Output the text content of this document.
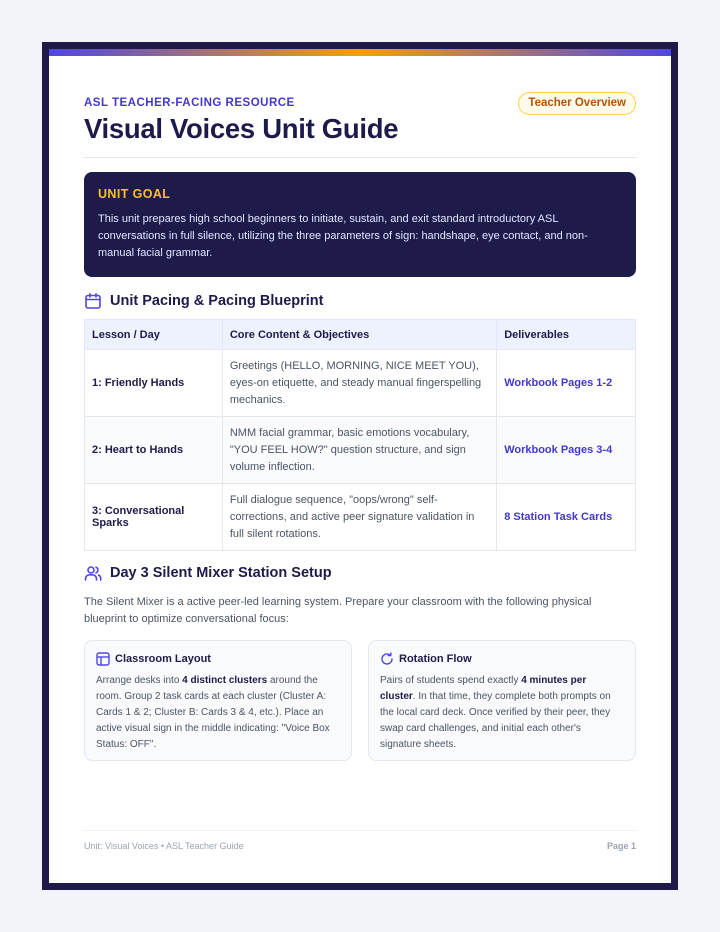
ASL TEACHER-FACING RESOURCE	Teacher Overview
Visual Voices Unit Guide
UNIT GOAL
This unit prepares high school beginners to initiate, sustain, and exit standard introductory ASL conversations in full silence, utilizing the three parameters of sign: handshape, eye contact, and non-manual facial grammar.
Unit Pacing & Pacing Blueprint
Lesson / Day	Core Content & Objectives	Deliverables
1: Friendly Hands	Greetings (HELLO, MORNING, NICE MEET YOU), eyes-on etiquette, and steady manual fingerspelling mechanics.	Workbook Pages 1-2
2: Heart to Hands	NMM facial grammar, basic emotions vocabulary, "YOU FEEL HOW?" question structure, and sign volume inflection.	Workbook Pages 3-4
3: Conversational Sparks	Full dialogue sequence, "oops/wrong" self-corrections, and active peer signature validation in full silent rotations.	8 Station Task Cards
Day 3 Silent Mixer Station Setup
The Silent Mixer is a active peer-led learning system. Prepare your classroom with the following physical blueprint to optimize conversational focus:
Classroom Layout
Arrange desks into 4 distinct clusters around the room. Group 2 task cards at each cluster (Cluster A: Cards 1 & 2; Cluster B: Cards 3 & 4, etc.). Place an active visual sign in the middle indicating: "Voice Box Status: OFF".
Rotation Flow
Pairs of students spend exactly 4 minutes per cluster. In that time, they complete both prompts on the local card deck. Once verified by their peer, they swap card challenges, and initial each other's signature sheets.
Unit: Visual Voices • ASL Teacher Guide	Page 1
